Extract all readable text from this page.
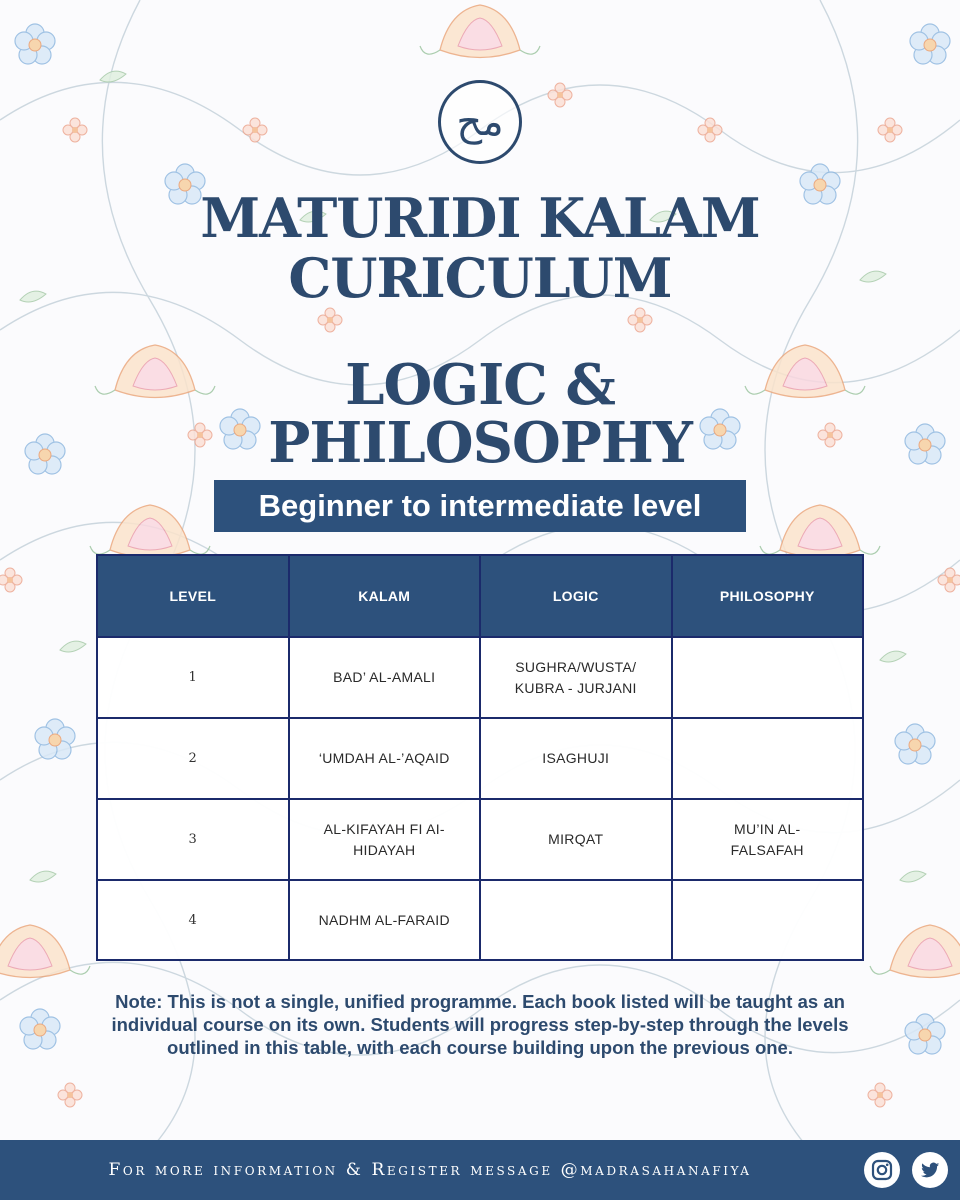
مح
MATURIDI KALAM
CURICULUM
LOGIC &
PHILOSOPHY
Beginner to intermediate level
LEVEL	KALAM	LOGIC	PHILOSOPHY
1	BAD’ AL-AMALI	SUGHRA/WUSTA/ KUBRA - JURJANI	
2	‘UMDAH AL-’AQAID	ISAGHUJI	
3	AL-KIFAYAH FI AI-HIDAYAH	MIRQAT	MU’IN AL-FALSAFAH
4	NADHM AL-FARAID		
Note: This is not a single, unified programme. Each book listed will be taught as an individual course on its own. Students will progress step-by-step through the levels outlined in this table, with each course building upon the previous one.
For more information & Register message @madrasahanafiya
